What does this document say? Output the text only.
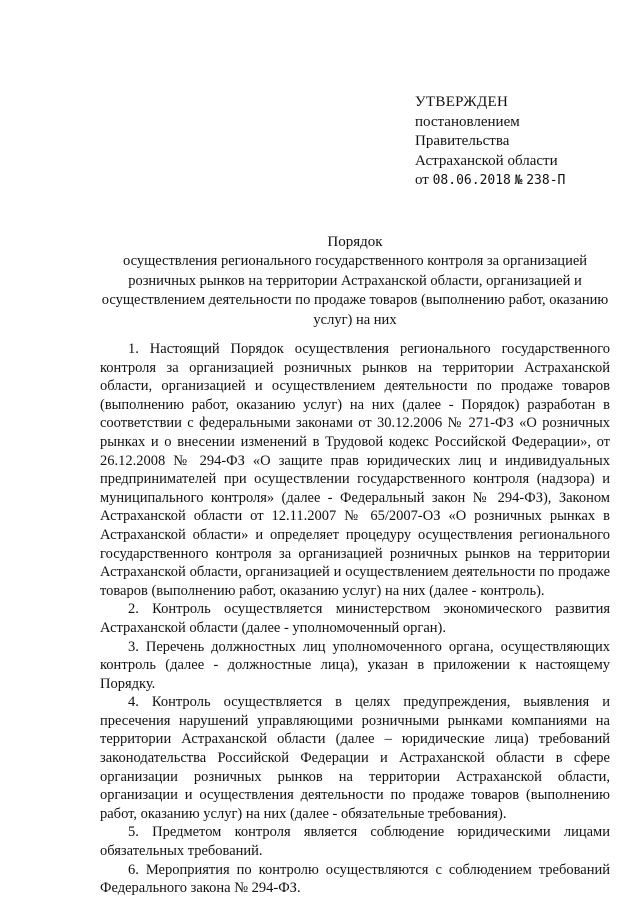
УТВЕРЖДЕН
постановлением
Правительства
Астраханской области
от 08.06.2018 № 238-П
Порядок
осуществления регионального государственного контроля за организацией розничных рынков на территории Астраханской области, организацией и осуществлением деятельности по продаже товаров (выполнению работ, оказанию услуг) на них

1. Настоящий Порядок осуществления регионального государственного контроля за организацией розничных рынков на территории Астраханской области, организацией и осуществлением деятельности по продаже товаров (выполнению работ, оказанию услуг) на них (далее - Порядок) разработан в соответствии с федеральными законами от 30.12.2006 № 271-ФЗ «О розничных рынках и о внесении изменений в Трудовой кодекс Российской Федерации», от 26.12.2008 № 294-ФЗ «О защите прав юридических лиц и индивидуальных предпринимателей при осуществлении государственного контроля (надзора) и муниципального контроля» (далее - Федеральный закон № 294-ФЗ), Законом Астраханской области от 12.11.2007 № 65/2007-ОЗ «О розничных рынках в Астраханской области» и определяет процедуру осуществления регионального государственного контроля за организацией розничных рынков на территории Астраханской области, организацией и осуществлением деятельности по продаже товаров (выполнению работ, оказанию услуг) на них (далее - контроль).

2. Контроль осуществляется министерством экономического развития Астраханской области (далее - уполномоченный орган).

3. Перечень должностных лиц уполномоченного органа, осуществляющих контроль (далее - должностные лица), указан в приложении к настоящему Порядку.

4. Контроль осуществляется в целях предупреждения, выявления и пресечения нарушений управляющими розничными рынками компаниями на территории Астраханской области (далее – юридические лица) требований законодательства Российской Федерации и Астраханской области в сфере организации розничных рынков на территории Астраханской области, организации и осуществления деятельности по продаже товаров (выполнению работ, оказанию услуг) на них (далее - обязательные требования).

5. Предметом контроля является соблюдение юридическими лицами обязательных требований.

6. Мероприятия по контролю осуществляются с соблюдением требований Федерального закона № 294-ФЗ.
